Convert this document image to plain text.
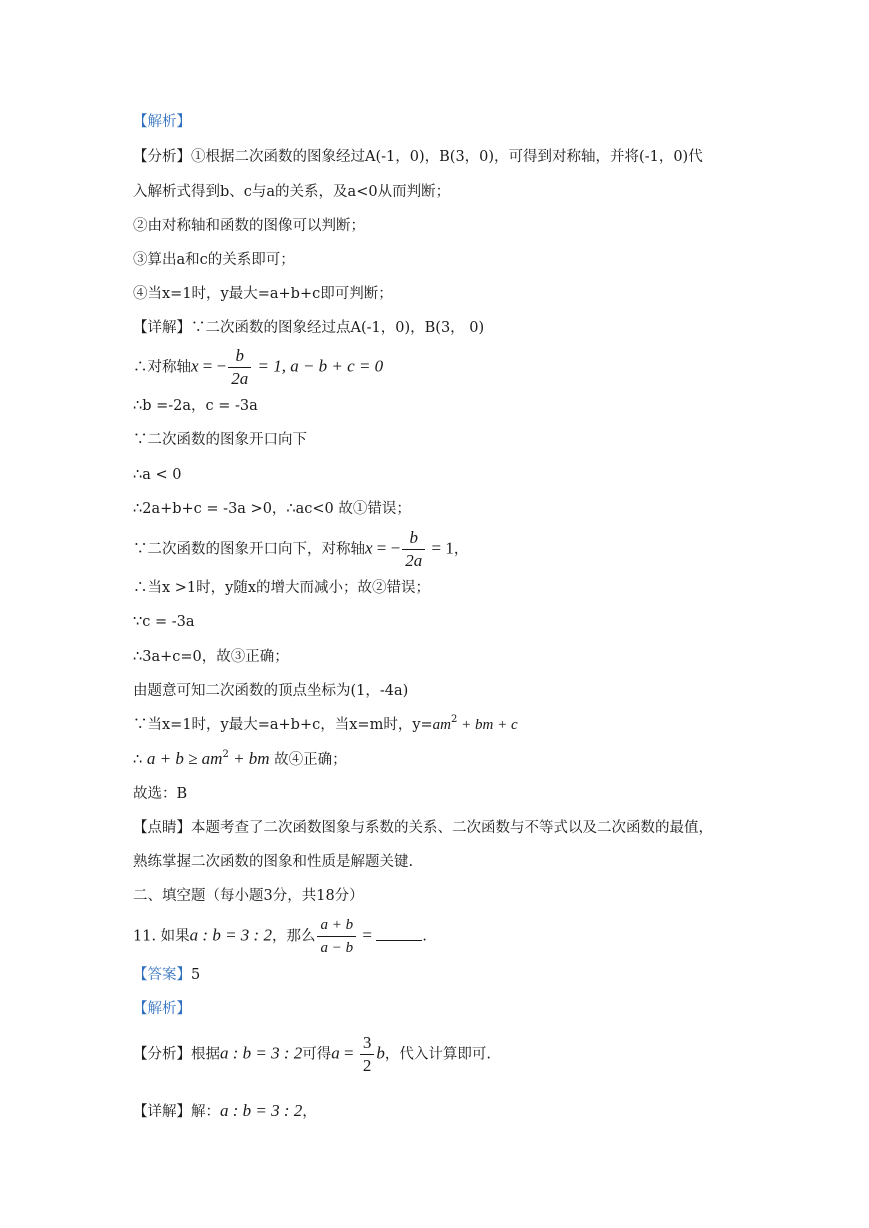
【解析】
【分析】①根据二次函数的图象经过A(-1，0)，B(3，0)，可得到对称轴，并将(-1，0)代
入解析式得到b、c与a的关系，及a<0从而判断；
②由对称轴和函数的图像可以判断；
③算出a和c的关系即可；
④当x=1时，y最大=a+b+c即可判断；
【详解】∵二次函数的图象经过点A(-1，0)，B(3， 0)
∴对称轴x = − $\frac{b}{2a} = 1$, a − b + c = 0
∴b =-2a，c = -3a
∵二次函数的图象开口向下
∴a < 0
∴2a+b+c = -3a >0，∴ac<0 故①错误；
∵二次函数的图象开口向下，对称轴x = − $\frac{b}{2a} = 1$，
∴当x >1时，y随x的增大而减小；故②错误；
∵c = -3a
∴3a+c=0，故③正确；
由题意可知二次函数的顶点坐标为(1，-4a)
∵当x=1时，y最大=a+b+c，当x=m时，$y=am^2$ + bm + c
∴ $a + b \ge am^2$ + bm 故④正确；
故选：B
【点睛】本题考查了二次函数图象与系数的关系、二次函数与不等式以及二次函数的最值，
熟练掌握二次函数的图象和性质是解题关键.
二、填空题（每小题3分，共18分）
11. 如果a : b = 3 : 2，那么 $\frac{a + b}{a - b}$ =	.
【答案】5
【解析】
【分析】根据a : b = 3 : 2可得$a = \frac{3}{2}$ b，代入计算即可.
【详解】解：a : b = 3 : 2，
